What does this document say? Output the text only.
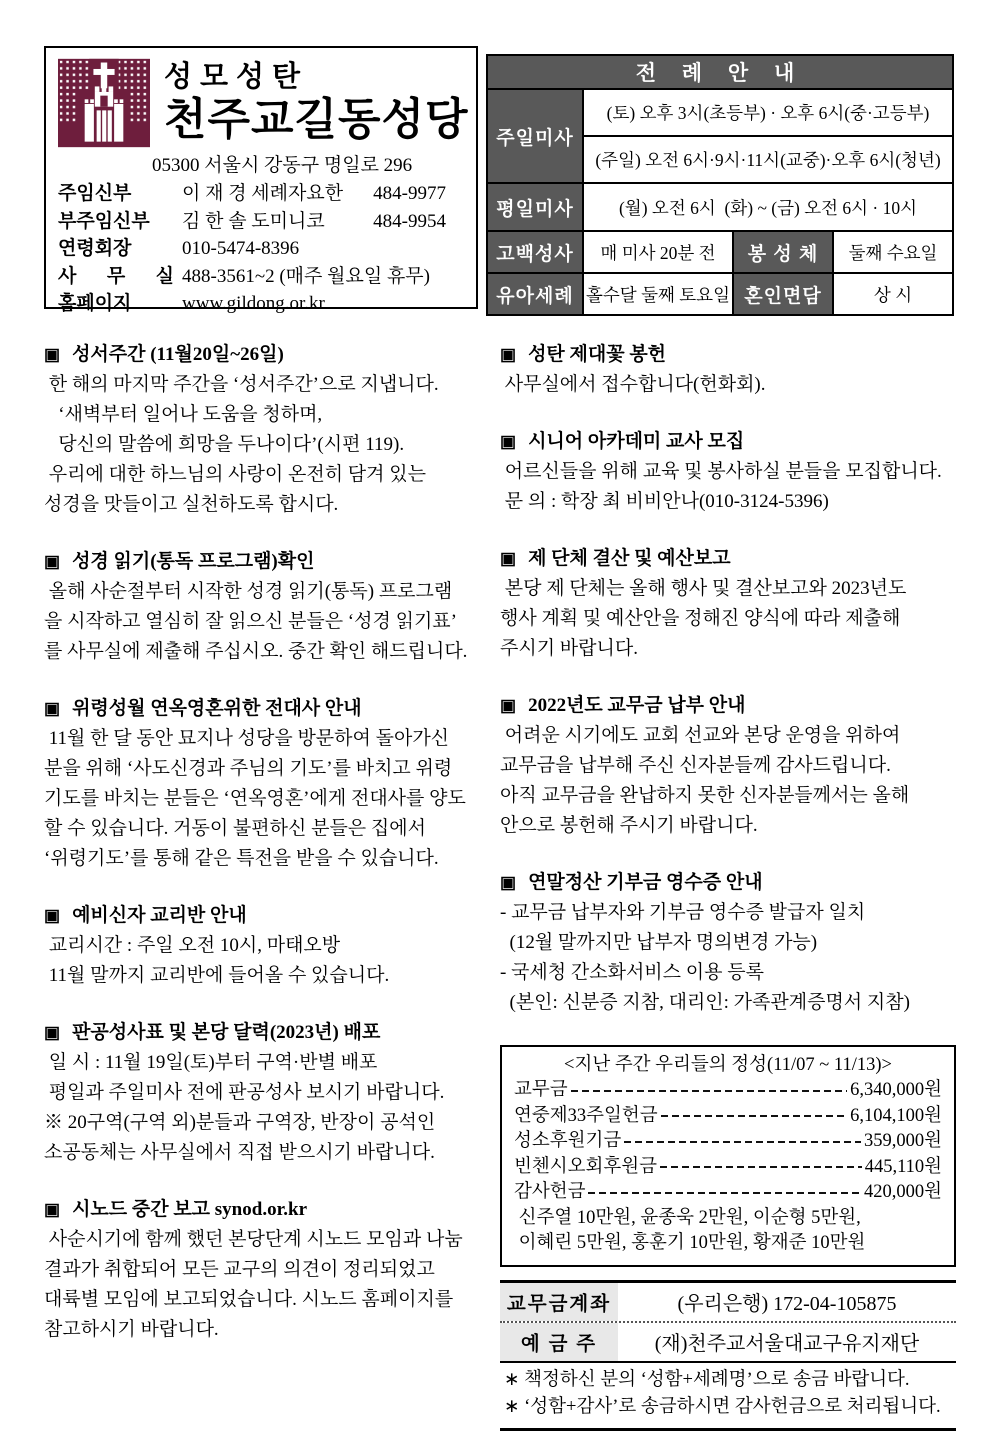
성모성탄
천주교길동성당
05300 서울시 강동구 명일로 296
주임신부	이 재 경 세례자요한 484-9977
부주임신부	김 한 솔 도미니코	484-9954
연령회장	010-5474-8396
사 무 실 488-3561~2 (매주 월요일 휴무)
홈페이지	www.gildong.or.kr
전 례 안 내			
주일미사	(토) 오후 3시(초등부) · 오후 6시(중·고등부)		
	(주일) 오전 6시·9시·11시(교중)·오후 6시(청년)		
평일미사	(월) 오전 6시  (화) ~ (금) 오전 6시 · 10시		
고백성사	매 미사 20분 전	봉 성 체	둘째 수요일
유아세례	홀수달 둘째 토요일	혼인면담	상 시
▣ 성서주간 (11월20일~26일)
한 해의 마지막 주간을 ‘성서주간’으로 지냅니다.
‘새벽부터 일어나 도움을 청하며,
당신의 말씀에 희망을 두나이다’(시편 119).
우리에 대한 하느님의 사랑이 온전히 담겨 있는
성경을 맛들이고 실천하도록 합시다.
▣ 성경 읽기(통독 프로그램)확인
올해 사순절부터 시작한 성경 읽기(통독) 프로그램
을 시작하고 열심히 잘 읽으신 분들은 ‘성경 읽기표’
를 사무실에 제출해 주십시오. 중간 확인 해드립니다.
▣ 위령성월 연옥영혼위한 전대사 안내
11월 한 달 동안 묘지나 성당을 방문하여 돌아가신
분을 위해 ‘사도신경과 주님의 기도’를 바치고 위령
기도를 바치는 분들은 ‘연옥영혼’에게 전대사를 양도
할 수 있습니다. 거동이 불편하신 분들은 집에서
‘위령기도’를 통해 같은 특전을 받을 수 있습니다.
▣ 예비신자 교리반 안내
교리시간 : 주일 오전 10시, 마태오방
11월 말까지 교리반에 들어올 수 있습니다.
▣ 판공성사표 및 본당 달력(2023년) 배포
일 시 : 11월 19일(토)부터 구역·반별 배포
평일과 주일미사 전에 판공성사 보시기 바랍니다.
※ 20구역(구역 외)분들과 구역장, 반장이 공석인
소공동체는 사무실에서 직접 받으시기 바랍니다.
▣ 시노드 중간 보고 synod.or.kr
사순시기에 함께 했던 본당단계 시노드 모임과 나눔
결과가 취합되어 모든 교구의 의견이 정리되었고
대륙별 모임에 보고되었습니다. 시노드 홈페이지를
참고하시기 바랍니다.
▣ 성탄 제대꽃 봉헌
사무실에서 접수합니다(헌화회).
▣ 시니어 아카데미 교사 모집
어르신들을 위해 교육 및 봉사하실 분들을 모집합니다.
문 의 : 학장 최 비비안나(010-3124-5396)
▣ 제 단체 결산 및 예산보고
본당 제 단체는 올해 행사 및 결산보고와 2023년도
행사 계획 및 예산안을 정해진 양식에 따라 제출해
주시기 바랍니다.
▣ 2022년도 교무금 납부 안내
어려운 시기에도 교회 선교와 본당 운영을 위하여
교무금을 납부해 주신 신자분들께 감사드립니다.
아직 교무금을 완납하지 못한 신자분들께서는 올해
안으로 봉헌해 주시기 바랍니다.
▣ 연말정산 기부금 영수증 안내
- 교무금 납부자와 기부금 영수증 발급자 일치
(12월 말까지만 납부자 명의변경 가능)
- 국세청 간소화서비스 이용 등록
(본인: 신분증 지참, 대리인: 가족관계증명서 지참)
<지난 주간 우리들의 정성(11/07 ~ 11/13)>
교무금	6,340,000원
연중제33주일헌금	6,104,100원
성소후원기금	359,000원
빈첸시오회후원금	445,110원
감사헌금	420,000원
신주열 10만원, 윤종욱 2만원, 이순형 5만원,
이혜린 5만원, 홍훈기 10만원, 황재준 10만원
교무금계좌	(우리은행) 172-04-105875
예 금 주	(재)천주교서울대교구유지재단
∗ 책정하신 분의 ‘성함+세례명’으로 송금 바랍니다.
∗ ‘성함+감사’로 송금하시면 감사헌금으로 처리됩니다.
